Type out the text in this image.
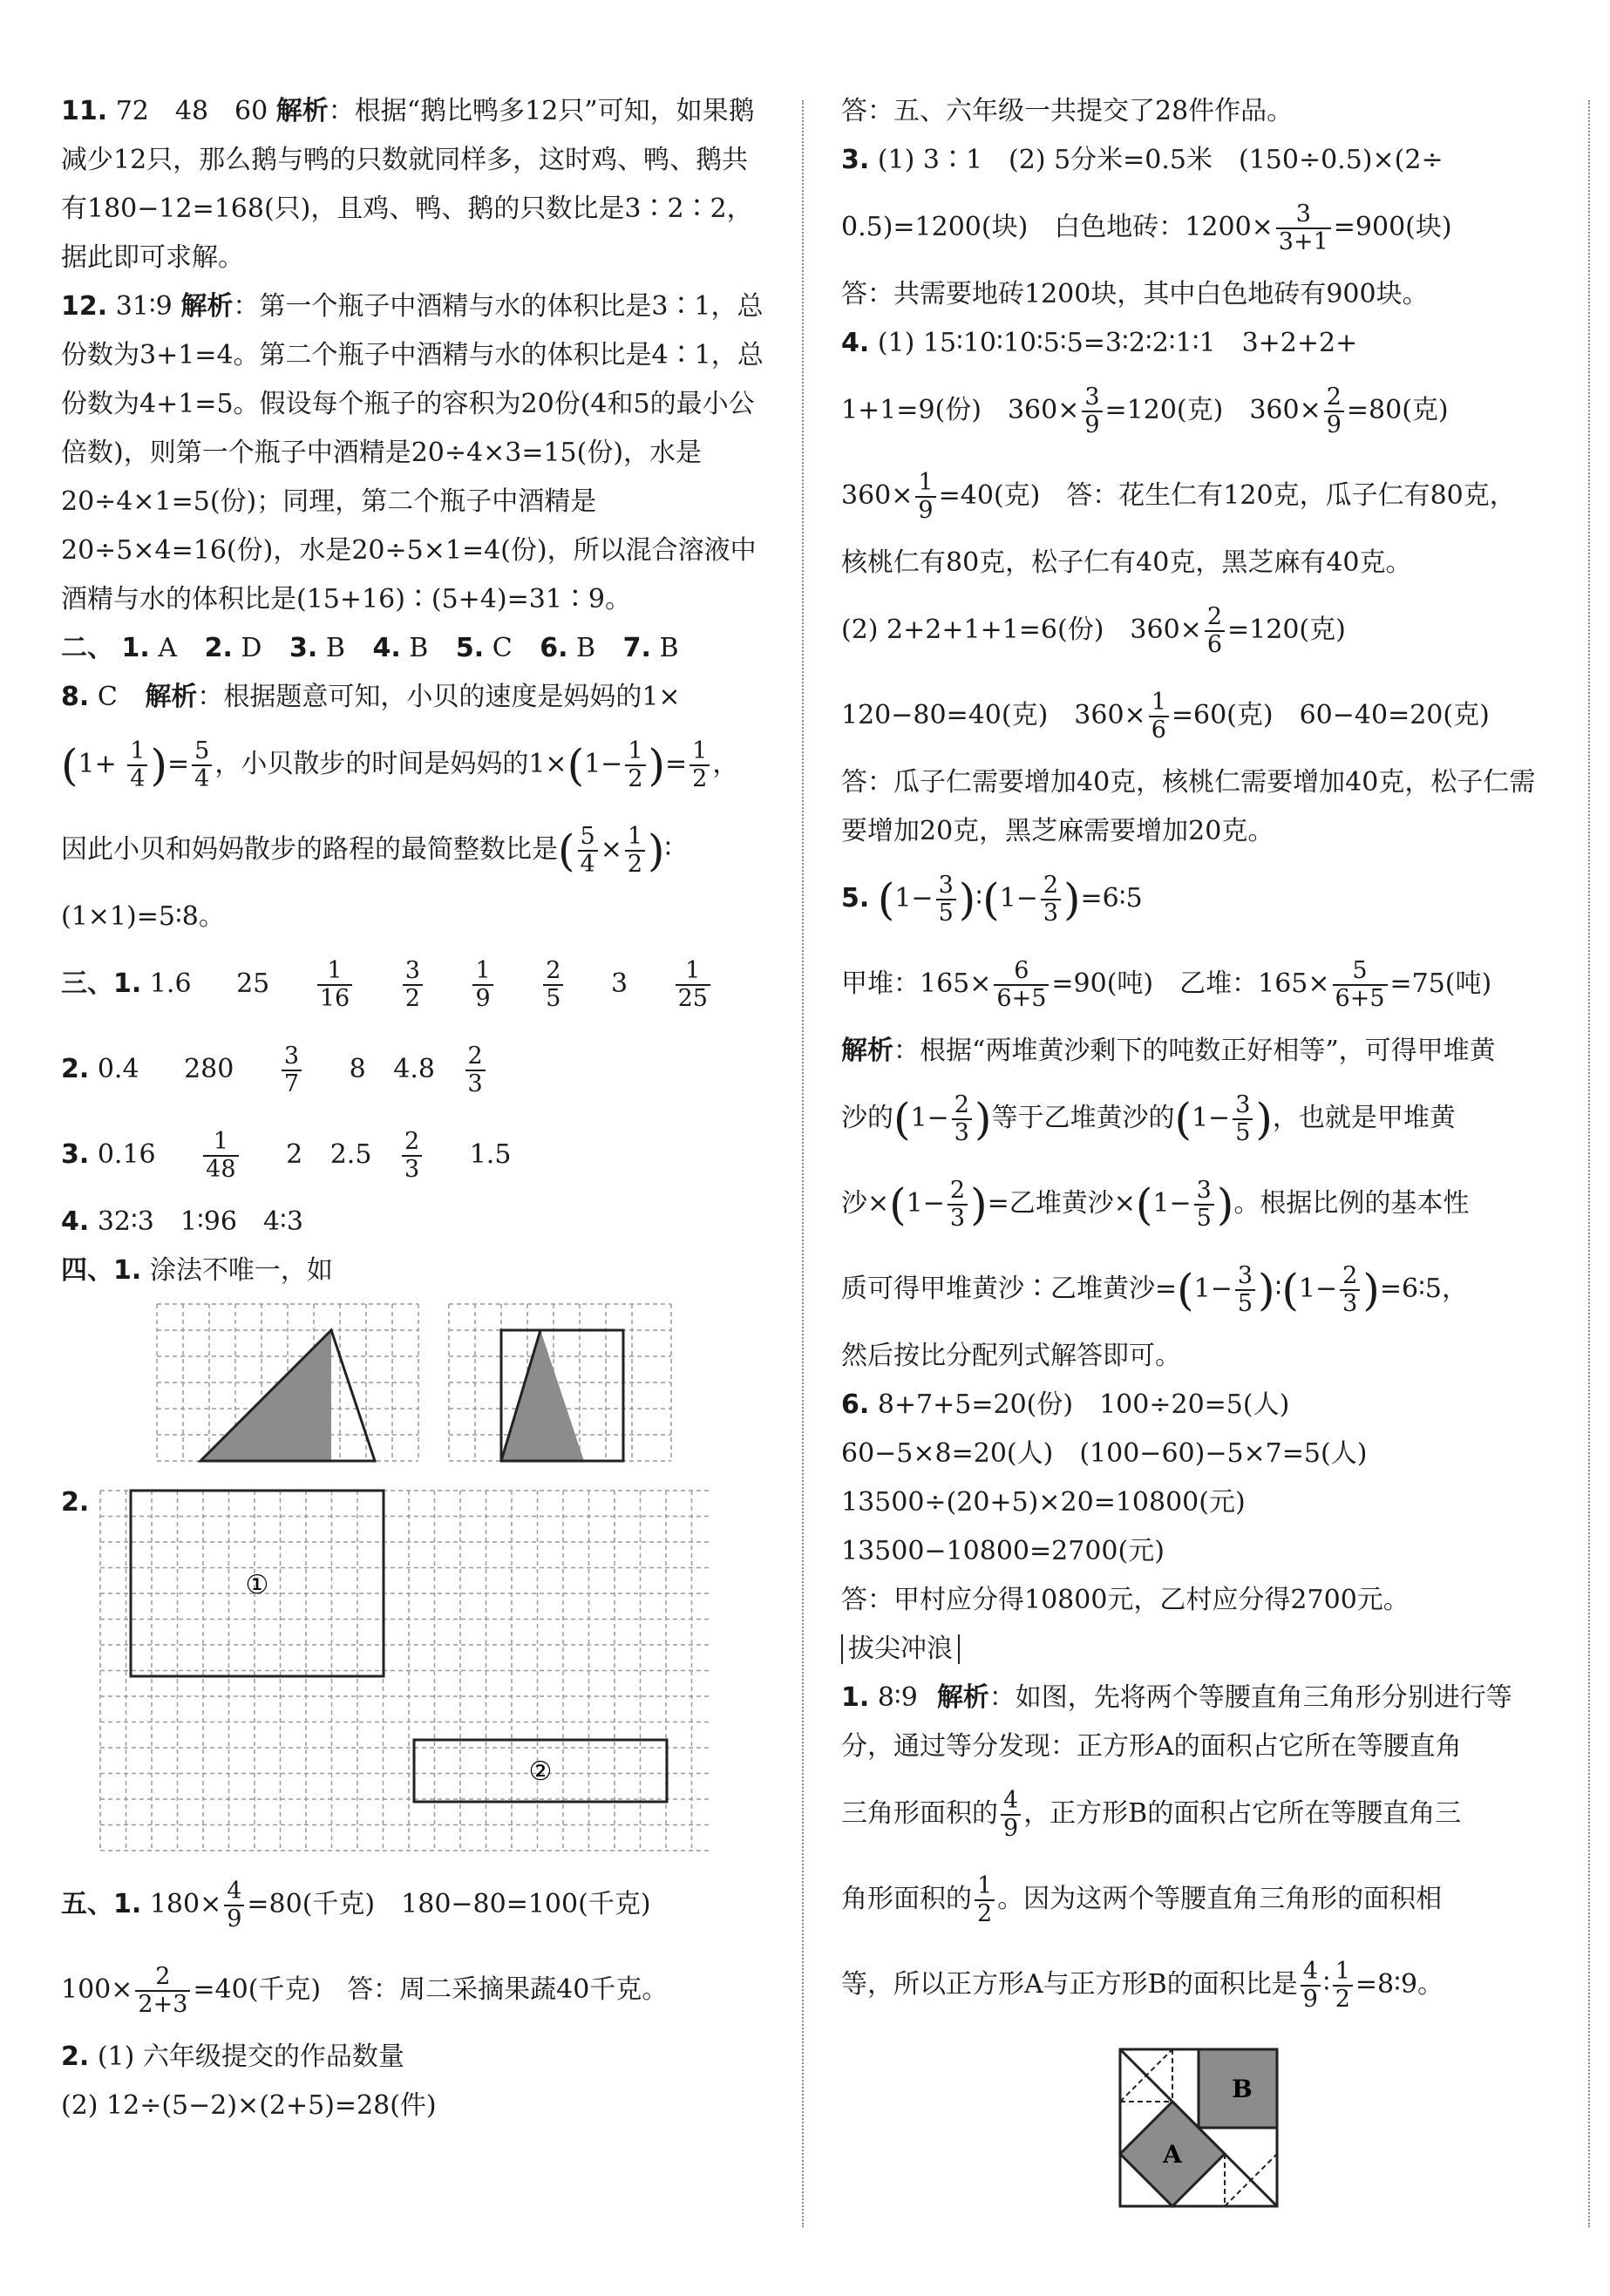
11. 72　48　60 解析：根据“鹅比鸭多12只”可知，如果鹅减少12只，那么鹅与鸭的只数就同样多，这时鸡、鸭、鹅共有180−12=168(只)，且鸡、鸭、鹅的只数比是3∶2∶2，据此即可求解。

12. 31∶9 解析：第一个瓶子中酒精与水的体积比是3∶1，总份数为3+1=4。第二个瓶子中酒精与水的体积比是4∶1，总份数为4+1=5。假设每个瓶子的容积为20份(4和5的最小公倍数)，则第一个瓶子中酒精是20÷4×3=15(份)，水是20÷4×1=5(份)；同理，第二个瓶子中酒精是20÷5×4=16(份)，水是20÷5×1=4(份)，所以混合溶液中酒精与水的体积比是(15+16)∶(5+4)=31∶9。

二、 1. A 2. D 3. B 4. B 5. C 6. B 7. B

8. C 解析：根据题意可知，小贝的速度是妈妈的1×

($1+ \frac{1}{4}$ )= $\frac{5}{4}$ ，小贝散步的时间是妈妈的$1\times(1- \frac{1}{2}$ )= $\frac{1}{2}$ ，

因此小贝和妈妈散步的路程的最简整数比是( $\frac{5}{4} \times \frac{1}{2}$ )∶

(1×1)=5∶8。

三、1. 1.6 $25 \frac{1}{16}$
$\frac{3}{2}$
$\frac{1}{9}$
$\frac{2}{5} 3 \frac{1}{25}$

2. 0.4 $280 \frac{3}{7} 8$ $4.8 \frac{2}{3}$

3. $0.16 \frac{1}{48} 2$ $2.5 \frac{2}{3} 1.5$

4. 32∶3　1∶96　4∶3

四、1. 涂法不唯一，如

2.
①
②

五、1. $180\times \frac{4}{9} =80$(千克)　180−80=100(千克)

$100\times \frac{2}{2+3} =40$(千克)　答：周二采摘果蔬40千克。

2. (1) 六年级提交的作品数量

(2) 12÷(5−2)×(2+5)=28(件)

答：五、六年级一共提交了28件作品。

3. (1) 3∶1　(2) 5分米=0.5米　(150÷0.5)×(2÷

0.5)=1200(块)　白色地砖：$1200\times \frac{3}{3+1} =900$(块)

答：共需要地砖1200块，其中白色地砖有900块。

4. (1) 15∶10∶10∶5∶5=3∶2∶2∶1∶1　3+2+2+

1+1=9(份)　$360\times \frac{3}{9} =120$(克)　$360\times \frac{2}{9} =80$(克)

$360\times \frac{1}{9} =40$(克)　答：花生仁有120克，瓜子仁有80克，

核桃仁有80克，松子仁有40克，黑芝麻有40克。

(2) 2+2+1+1=6(份)　$360\times \frac{2}{6} =120$(克)

120−80=40(克)　$360\times \frac{1}{6} =60$(克)　60−40=20(克)

答：瓜子仁需要增加40克，核桃仁需要增加40克，松子仁需要增加20克，黑芝麻需要增加20克。

5. ($1- \frac{3}{5}$ )∶(1− $\frac{2}{3}$ )=6∶5

甲堆：$165\times \frac{6}{6+5} =90$(吨)　乙堆：$165\times \frac{5}{6+5} =75$(吨)

解析：根据“两堆黄沙剩下的吨数正好相等”，可得甲堆黄

沙的($1- \frac{2}{3}$ )等于乙堆黄沙的($1- \frac{3}{5}$ )，也就是甲堆黄

沙$\times(1- \frac{2}{3}$ )=乙堆黄沙$\times(1- \frac{3}{5}$ )。根据比例的基本性

质可得甲堆黄沙∶乙堆黄沙$=(1- \frac{3}{5}$ )∶(1− $\frac{2}{3}$ )=6∶5，

然后按比分配列式解答即可。

6. 8+7+5=20(份)　100÷20=5(人)

60−5×8=20(人)　(100−60)−5×7=5(人)

13500÷(20+5)×20=10800(元)

13500−10800=2700(元)

答：甲村应分得10800元，乙村应分得2700元。

拔尖冲浪

1. 8∶9 解析：如图，先将两个等腰直角三角形分别进行等分，通过等分发现：正方形A的面积占它所在等腰直角

三角形面积的 $\frac{4}{9}$ ，正方形B的面积占它所在等腰直角三

角形面积的 $\frac{1}{2}$ 。因为这两个等腰直角三角形的面积相

等，所以正方形A与正方形B的面积比是 $\frac{4}{9}$ ∶ $\frac{1}{2}$ =8∶9。

A
B
